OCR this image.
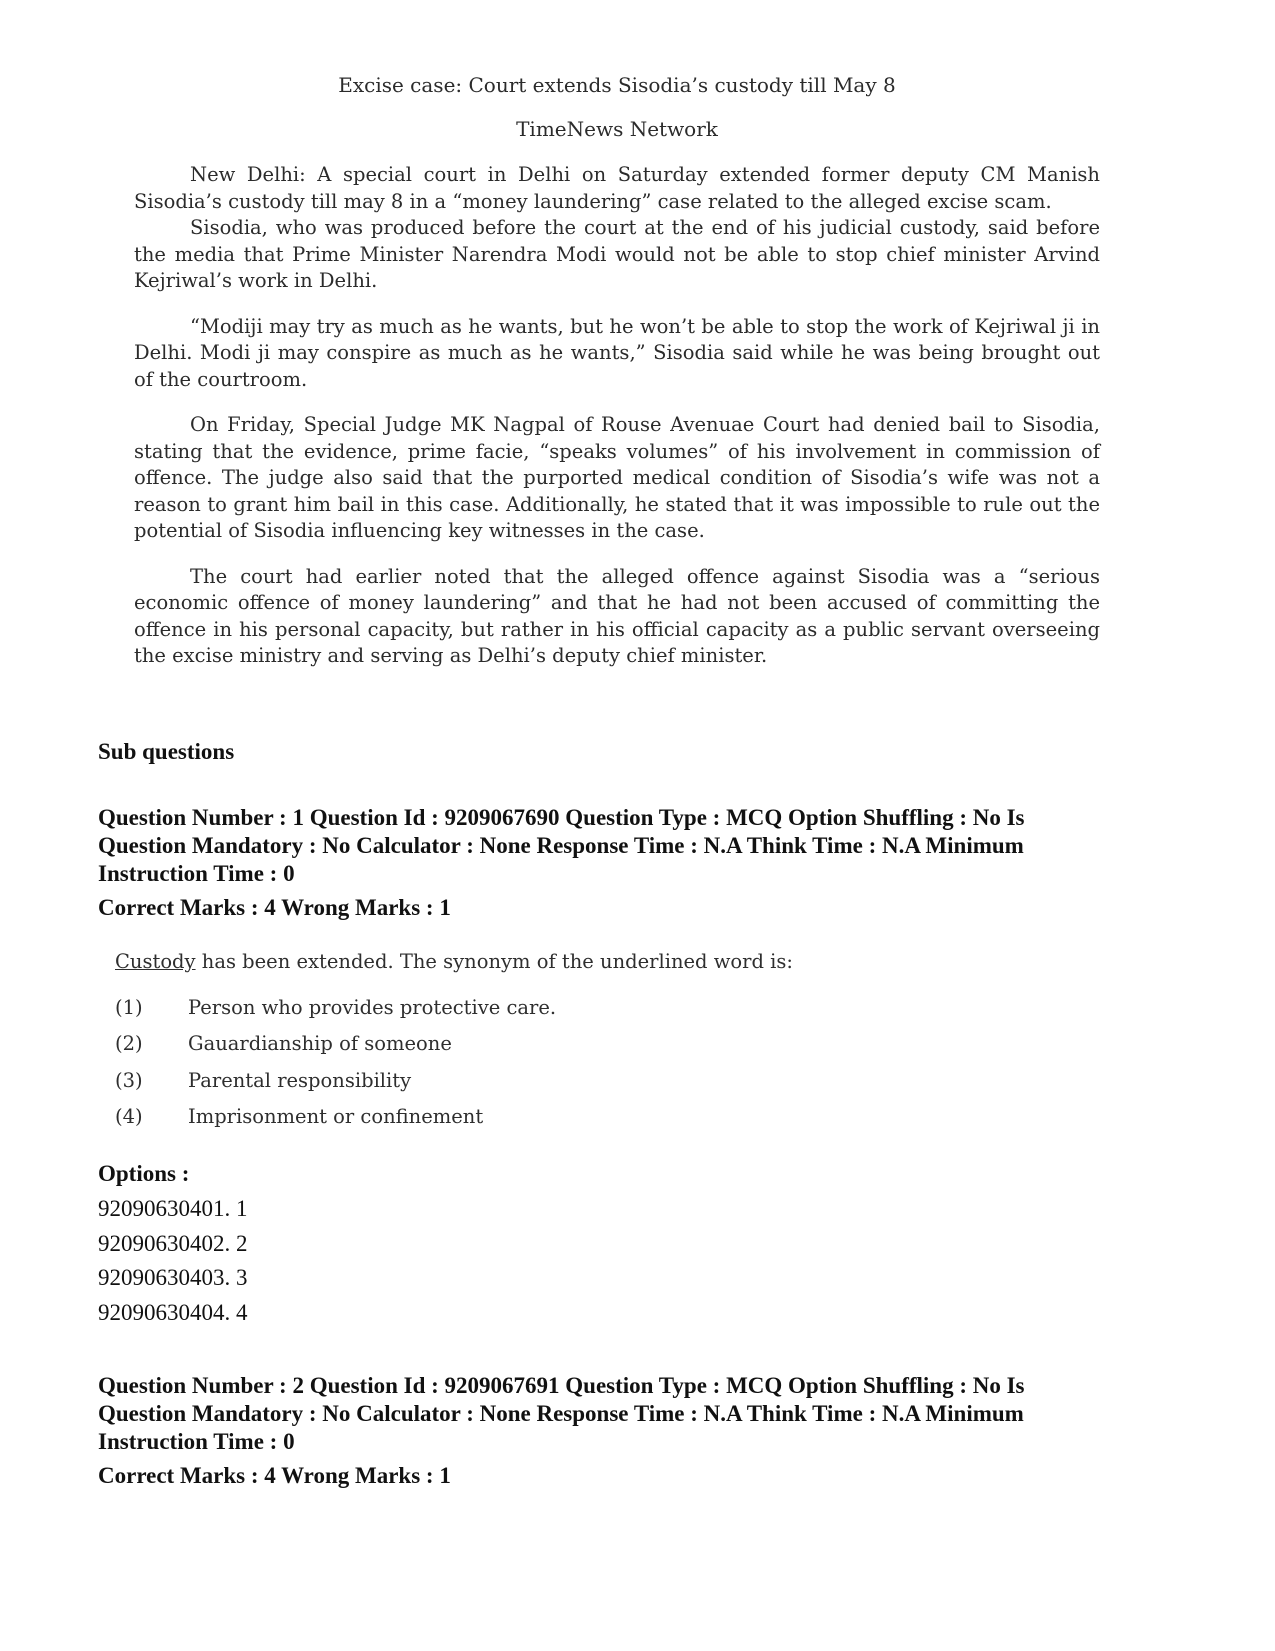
Excise case: Court extends Sisodia’s custody till May 8
TimeNews Network

New Delhi: A special court in Delhi on Saturday extended former deputy CM Manish Sisodia’s custody till may 8 in a “money laundering” case related to the alleged excise scam.

Sisodia, who was produced before the court at the end of his judicial custody, said before the media that Prime Minister Narendra Modi would not be able to stop chief minister Arvind Kejriwal’s work in Delhi.

“Modiji may try as much as he wants, but he won’t be able to stop the work of Kejriwal ji in Delhi. Modi ji may conspire as much as he wants,” Sisodia said while he was being brought out of the courtroom.

On Friday, Special Judge MK Nagpal of Rouse Avenuae Court had denied bail to Sisodia, stating that the evidence, prime facie, “speaks volumes” of his involvement in commission of offence. The judge also said that the purported medical condition of Sisodia’s wife was not a reason to grant him bail in this case. Additionally, he stated that it was impossible to rule out the potential of Sisodia influencing key witnesses in the case.

The court had earlier noted that the alleged offence against Sisodia was a “serious economic offence of money laundering” and that he had not been accused of committing the offence in his personal capacity, but rather in his official capacity as a public servant overseeing the excise ministry and serving as Delhi’s deputy chief minister.

Sub questions
Question Number : 1 Question Id : 9209067690 Question Type : MCQ Option Shuffling : No Is
Question Mandatory : No Calculator : None Response Time : N.A Think Time : N.A Minimum
Instruction Time : 0
Correct Marks : 4 Wrong Marks : 1
Custody has been extended. The synonym of the underlined word is:
(1)	Person who provides protective care.
(2)	Gauardianship of someone
(3)	Parental responsibility
(4)	Imprisonment or confinement
Options :
92090630401. 1
92090630402. 2
92090630403. 3
92090630404. 4
Question Number : 2 Question Id : 9209067691 Question Type : MCQ Option Shuffling : No Is
Question Mandatory : No Calculator : None Response Time : N.A Think Time : N.A Minimum
Instruction Time : 0
Correct Marks : 4 Wrong Marks : 1
